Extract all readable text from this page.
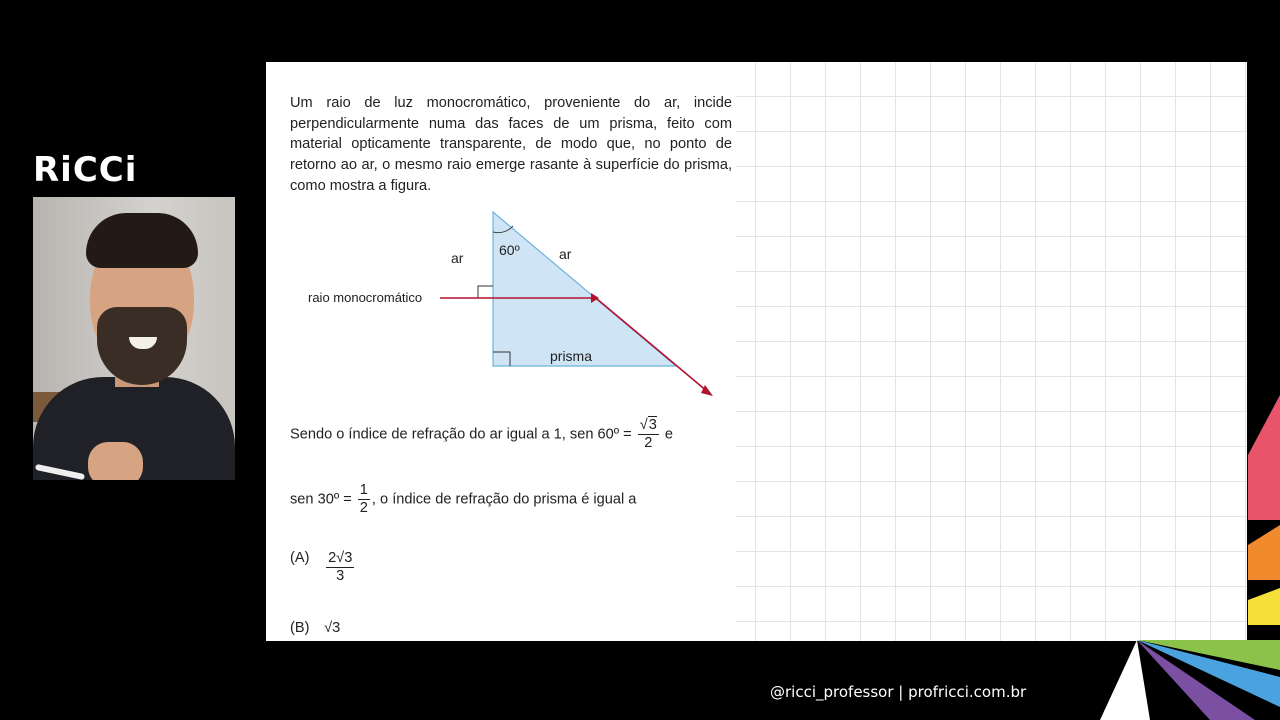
RiCCi

Um raio de luz monocromático, proveniente do ar, incide perpendicularmente numa das faces de um prisma, feito com material opticamente transparente, de modo que, no ponto de retorno ao ar, o mesmo raio emerge rasante à superfície do prisma, como mostra a figura.

60º
ar	ar
raio monocromático
prisma
Sendo o índice de refração do ar igual a 1, sen 60º = $\frac{√3}{2}$ e
sen 30º = $\frac{1}{2}$ , o índice de refração do prisma é igual a
$(A) \frac{2√3}{3}$
(B) √3
@ricci_professor | profricci.com.br
